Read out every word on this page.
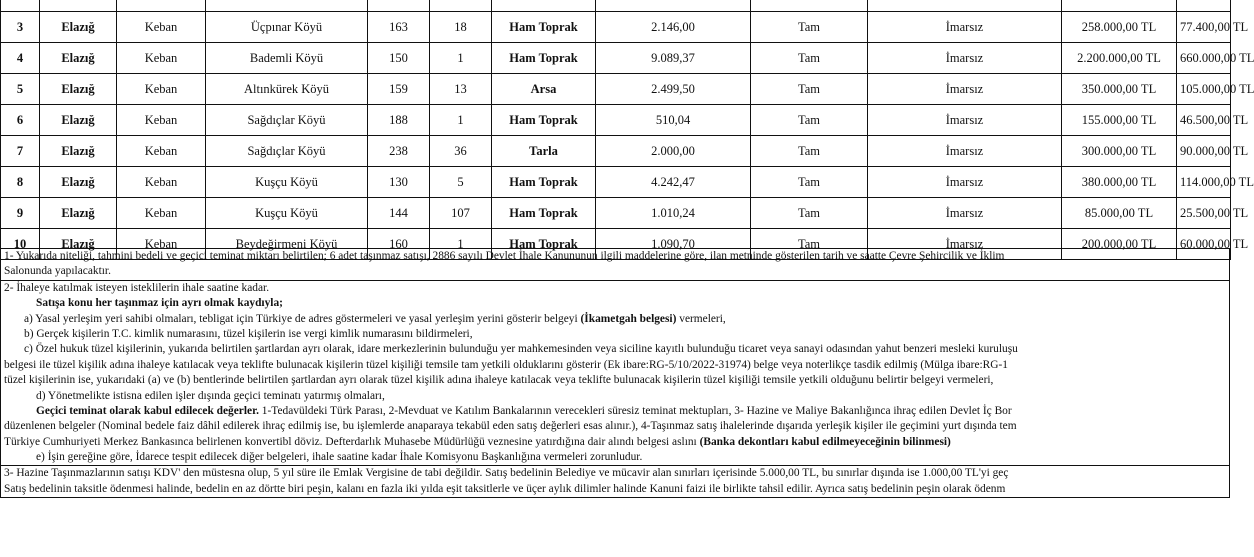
3	Elazığ	Keban	Üçpınar Köyü	163	18	Ham Toprak	2.146,00	Tam	İmarsız	258.000,00 TL	77.400,00 TL
4	Elazığ	Keban	Bademli Köyü	150	1	Ham Toprak	9.089,37	Tam	İmarsız	2.200.000,00 TL	660.000,00 TL
5	Elazığ	Keban	Altınkürek Köyü	159	13	Arsa	2.499,50	Tam	İmarsız	350.000,00 TL	105.000,00 TL
6	Elazığ	Keban	Sağdıçlar Köyü	188	1	Ham Toprak	510,04	Tam	İmarsız	155.000,00 TL	46.500,00 TL
7	Elazığ	Keban	Sağdıçlar Köyü	238	36	Tarla	2.000,00	Tam	İmarsız	300.000,00 TL	90.000,00 TL
8	Elazığ	Keban	Kuşçu Köyü	130	5	Ham Toprak	4.242,47	Tam	İmarsız	380.000,00 TL	114.000,00 TL
9	Elazığ	Keban	Kuşçu Köyü	144	107	Ham Toprak	1.010,24	Tam	İmarsız	85.000,00 TL	25.500,00 TL
10	Elazığ	Keban	Beydeğirmeni Köyü	160	1	Ham Toprak	1.090,70	Tam	İmarsız	200.000,00 TL	60.000,00 TL
1- Yukarıda niteliği, tahmini bedeli ve geçici teminat miktarı belirtilen; 6 adet taşınmaz satışı, 2886 sayılı Devlet İhale Kanununun ilgili maddelerine göre, ilan metninde gösterilen tarih ve saatte Çevre Şehircilik ve İklim
Salonunda yapılacaktır.
2- İhaleye katılmak isteyen isteklilerin ihale saatine kadar.
Satışa konu her taşınmaz için ayrı olmak kaydıyla;
a) Yasal yerleşim yeri sahibi olmaları, tebligat için Türkiye de adres göstermeleri ve yasal yerleşim yerini gösterir belgeyi (İkametgah belgesi) vermeleri,
b) Gerçek kişilerin T.C. kimlik numarasını, tüzel kişilerin ise vergi kimlik numarasını bildirmeleri,
c) Özel hukuk tüzel kişilerinin, yukarıda belirtilen şartlardan ayrı olarak, idare merkezlerinin bulunduğu yer mahkemesinden veya siciline kayıtlı bulunduğu ticaret veya sanayi odasından yahut benzeri mesleki kuruluşu
belgesi ile tüzel kişilik adına ihaleye katılacak veya teklifte bulunacak kişilerin tüzel kişiliği temsile tam yetkili olduklarını gösterir (Ek ibare:RG-5/10/2022-31974) belge veya noterlikçe tasdik edilmiş (Mülga ibare:RG-1
tüzel kişilerinin ise, yukarıdaki (a) ve (b) bentlerinde belirtilen şartlardan ayrı olarak tüzel kişilik adına ihaleye katılacak veya teklifte bulunacak kişilerin tüzel kişiliği temsile yetkili olduğunu belirtir belgeyi vermeleri,
d) Yönetmelikte istisna edilen işler dışında geçici teminatı yatırmış olmaları,
Geçici teminat olarak kabul edilecek değerler. 1-Tedavüldeki Türk Parası, 2-Mevduat ve Katılım Bankalarının verecekleri süresiz teminat mektupları, 3- Hazine ve Maliye Bakanlığınca ihraç edilen Devlet İç Bor
düzenlenen belgeler (Nominal bedele faiz dâhil edilerek ihraç edilmiş ise, bu işlemlerde anaparaya tekabül eden satış değerleri esas alınır.), 4-Taşınmaz satış ihalelerinde dışarıda yerleşik kişiler ile geçimini yurt dışında tem
Türkiye Cumhuriyeti Merkez Bankasınca belirlenen konvertibl döviz. Defterdarlık Muhasebe Müdürlüğü veznesine yatırdığına dair alındı belgesi aslını (Banka dekontları kabul edilmeyeceğinin bilinmesi)
e) İşin gereğine göre, İdarece tespit edilecek diğer belgeleri, ihale saatine kadar İhale Komisyonu Başkanlığına vermeleri zorunludur.
3- Hazine Taşınmazlarının satışı KDV' den müstesna olup, 5 yıl süre ile Emlak Vergisine de tabi değildir. Satış bedelinin Belediye ve mücavir alan sınırları içerisinde 5.000,00 TL, bu sınırlar dışında ise 1.000,00 TL'yi geç
Satış bedelinin taksitle ödenmesi halinde, bedelin en az dörtte biri peşin, kalanı en fazla iki yılda eşit taksitlerle ve üçer aylık dilimler halinde Kanuni faizi ile birlikte tahsil edilir. Ayrıca satış bedelinin peşin olarak ödenm
